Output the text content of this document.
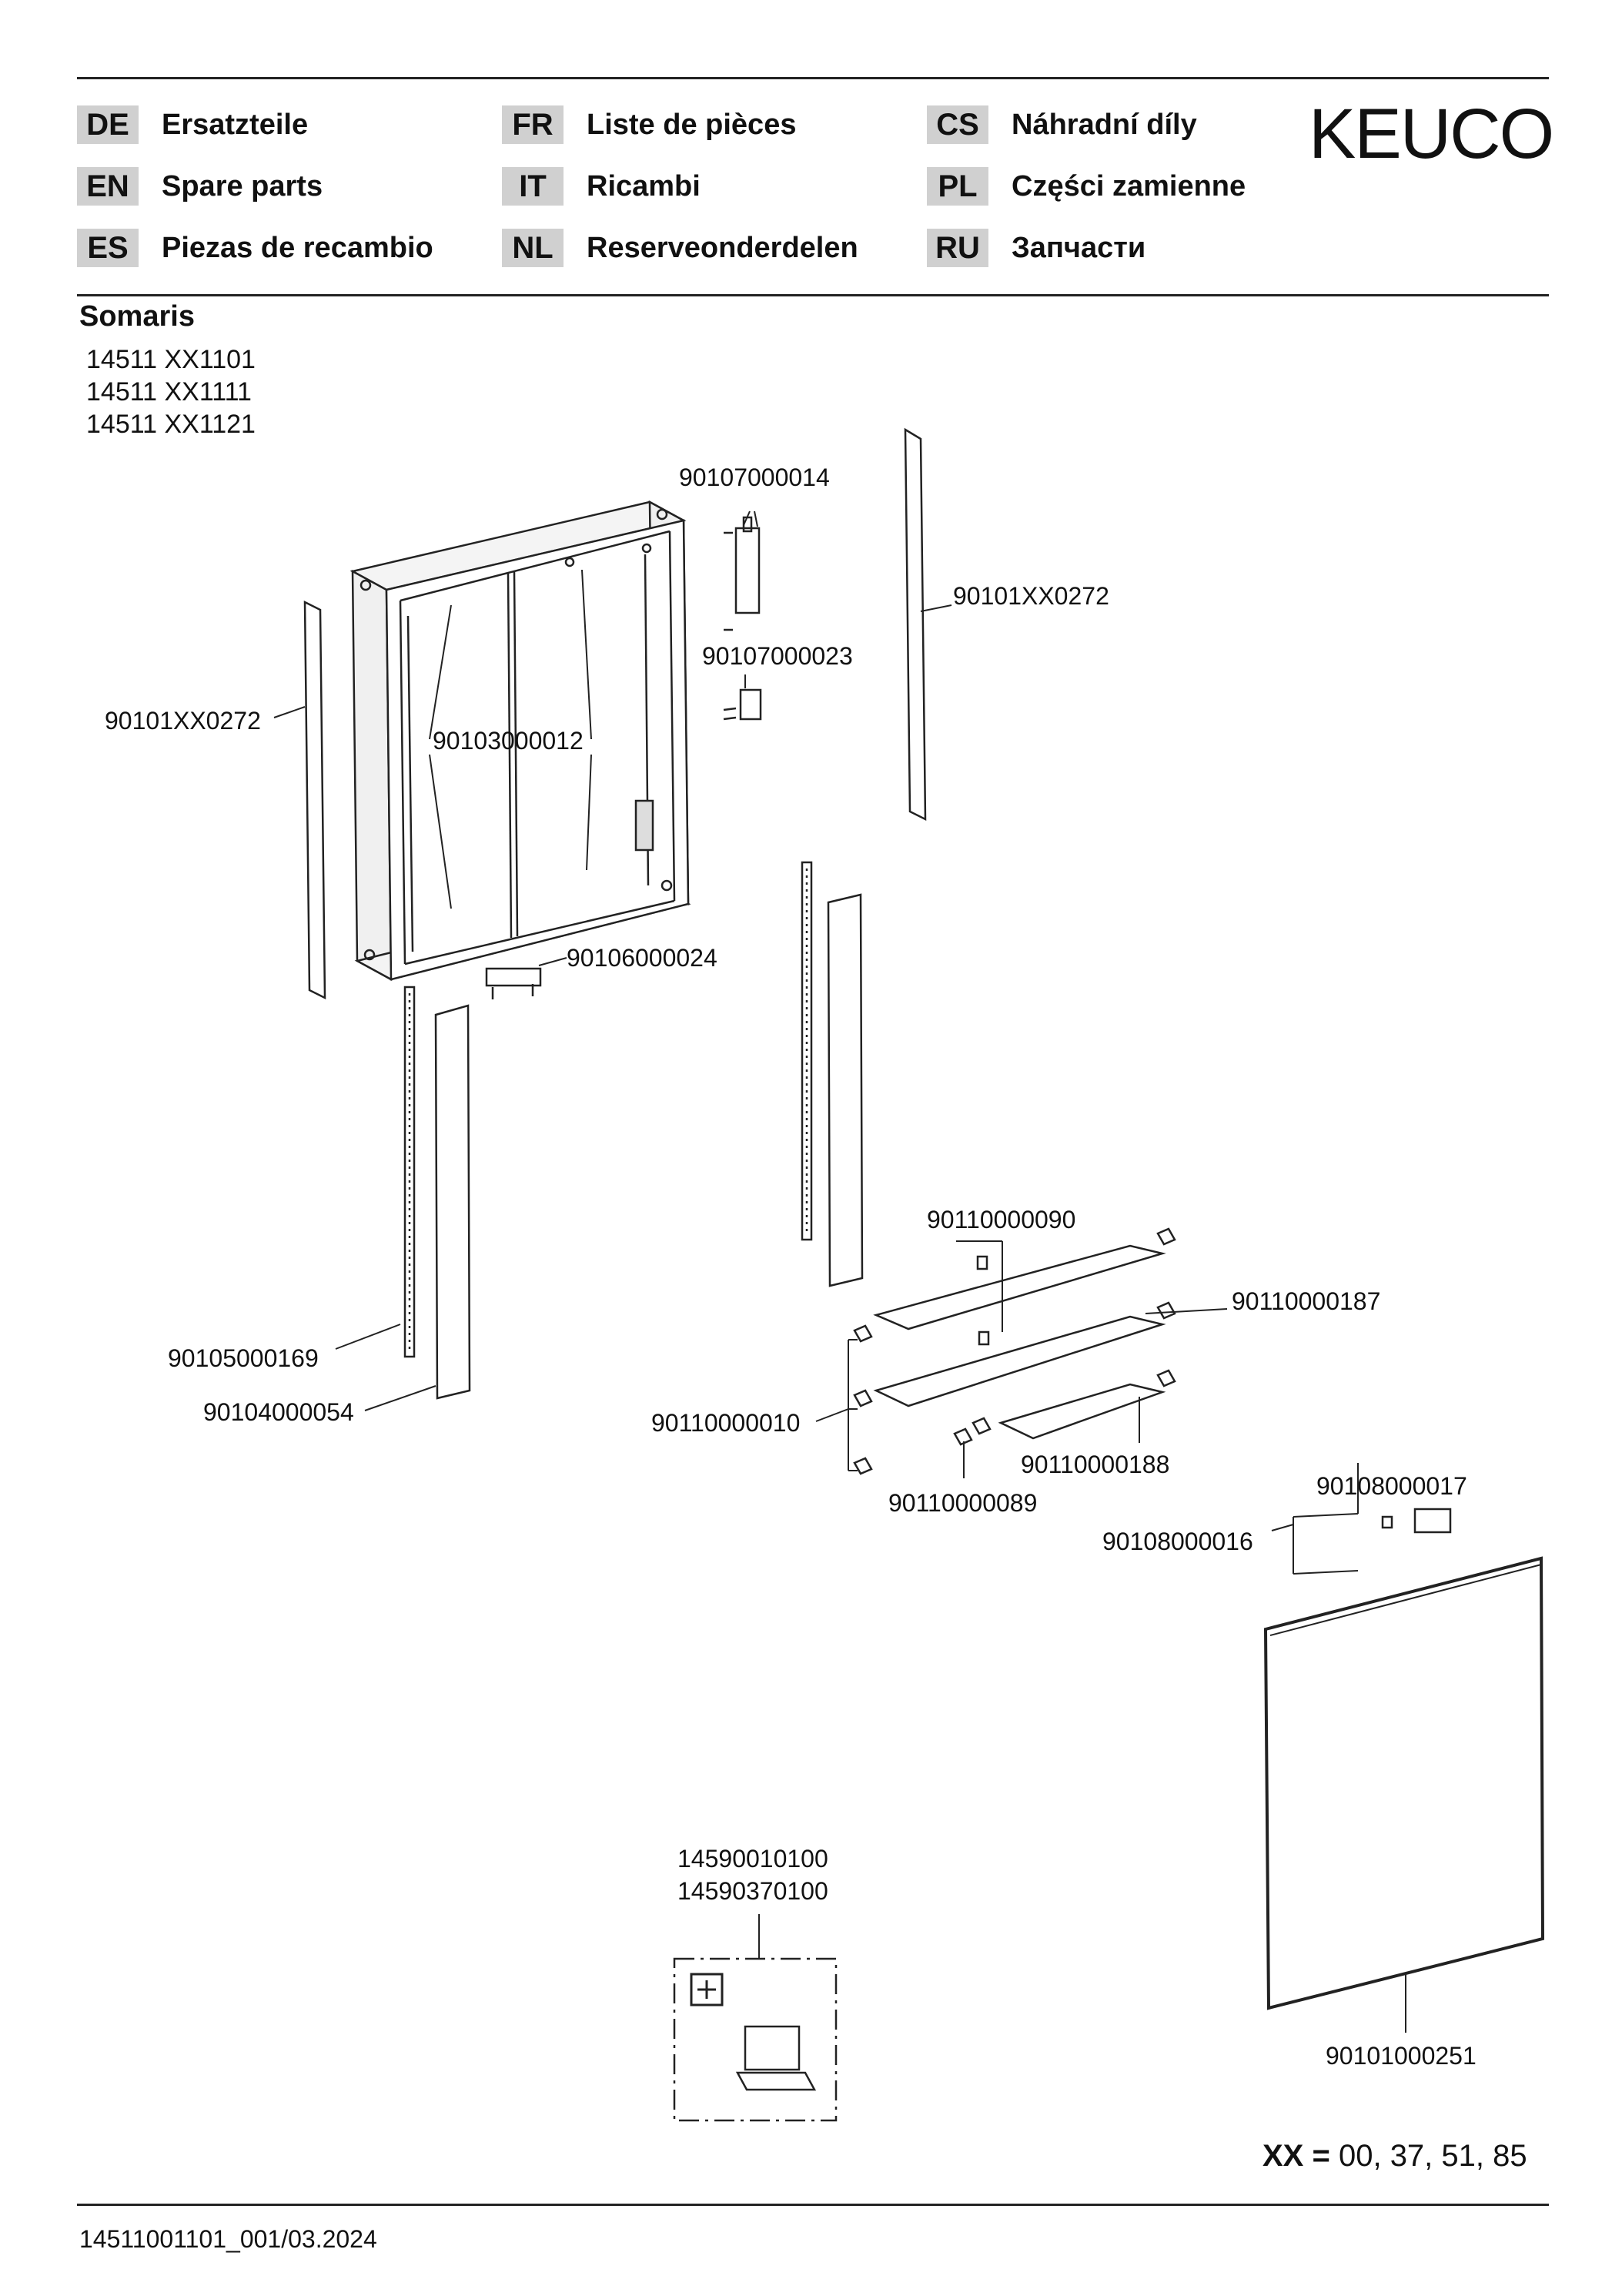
DE	Ersatzteile
EN	Spare parts
ES	Piezas de recambio
FR	Liste de pièces
IT	Ricambi
NL	Reserveonderdelen
CS	Náhradní díly
PL	Części zamienne
RU Запчасти
KEUCO
Somaris
14511 XX1101
14511 XX1111
14511 XX1121
90107000014
90101XX0272
90107000023
90101XX0272
90103000012
90106000024
90110000090
90110000187
90105000169
90104000054	90110000010
90110000188
90110000089
90108000017
90108000016
14590010100
14590370100
90101000251
XX = 00, 37, 51, 85
14511001101_001/03.2024
